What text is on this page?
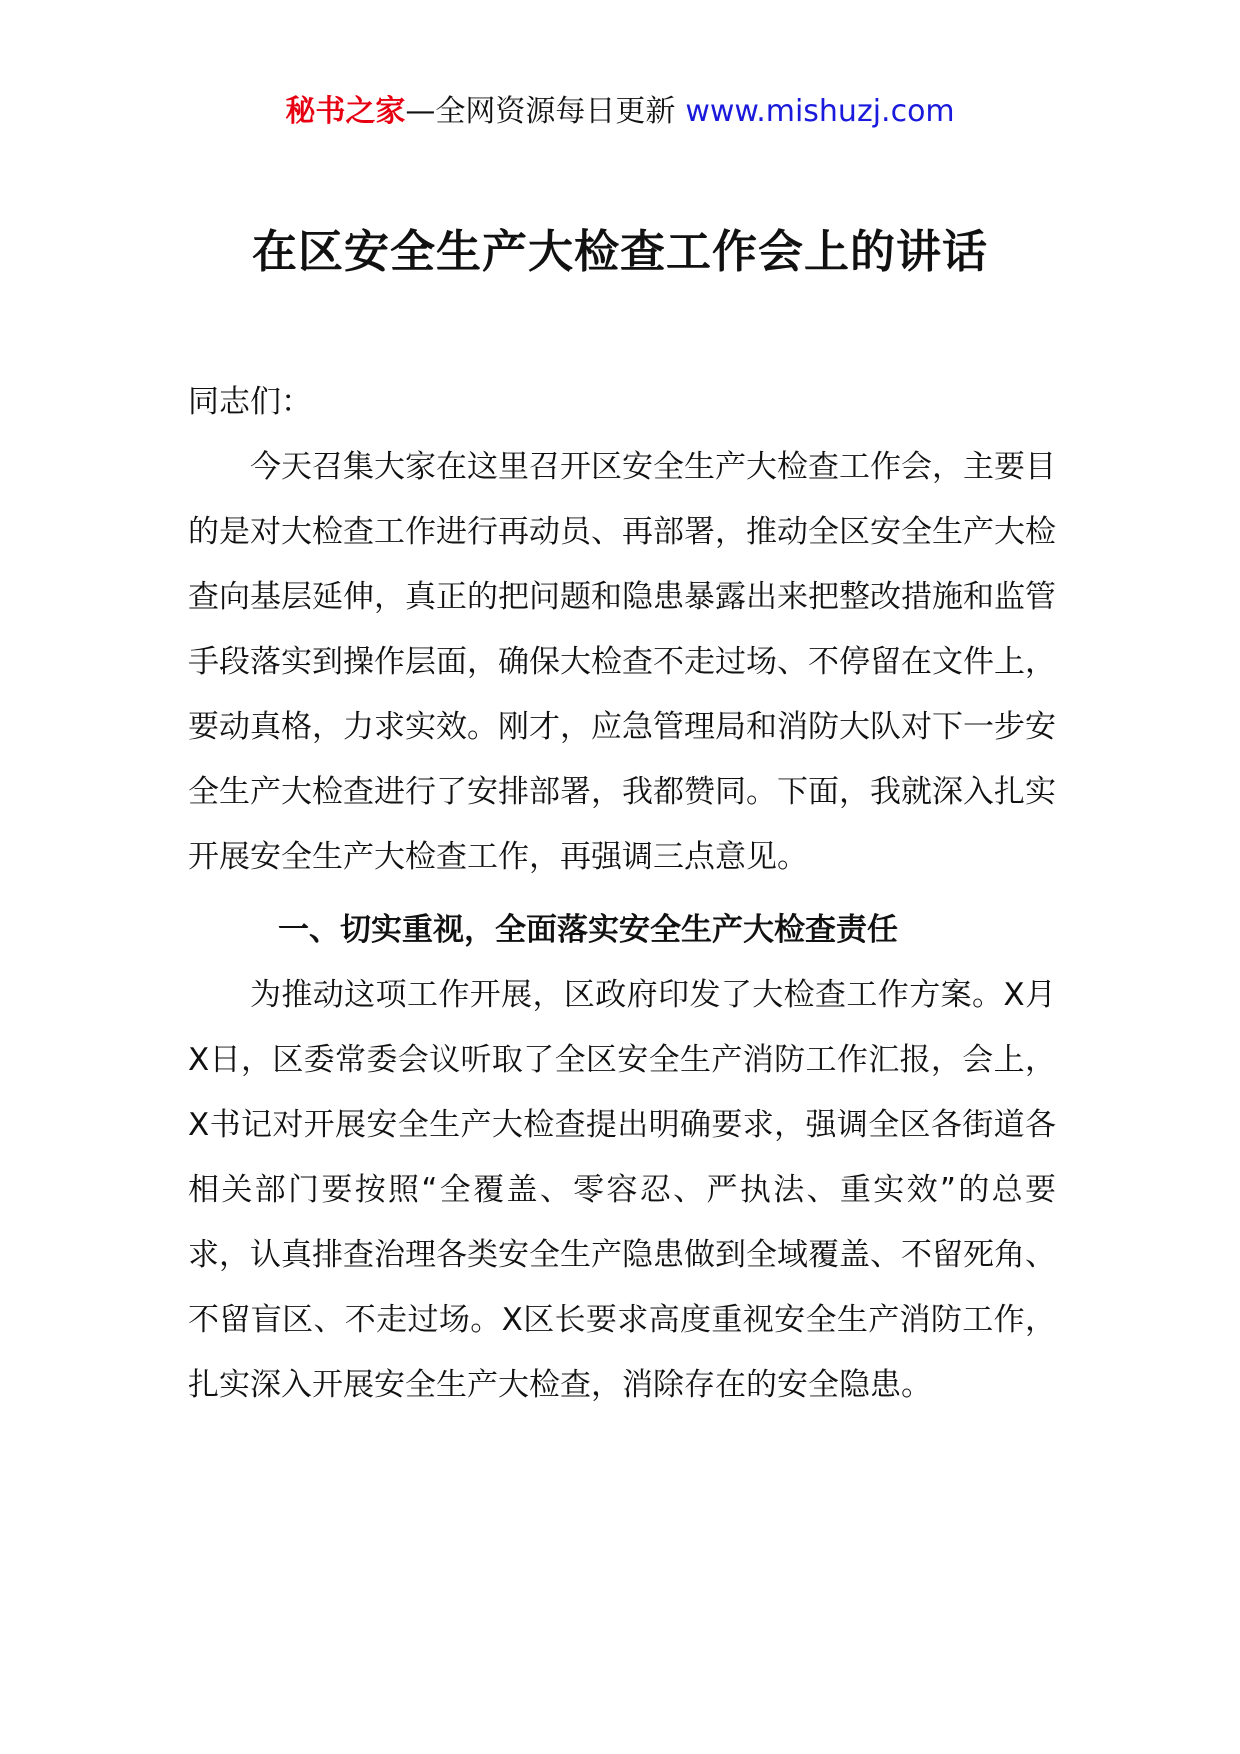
秘书之家—全网资源每日更新 www.mishuzj.com
在区安全生产大检查工作会上的讲话

同志们：

今天召集大家在这里召开区安全生产大检查工作会，主要目的是对大检查工作进行再动员、再部署，推动全区安全生产大检查向基层延伸，真正的把问题和隐患暴露出来把整改措施和监管手段落实到操作层面，确保大检查不走过场、不停留在文件上，要动真格，力求实效。刚才，应急管理局和消防大队对下一步安全生产大检查进行了安排部署，我都赞同。下面，我就深入扎实开展安全生产大检查工作，再强调三点意见。

一、切实重视，全面落实安全生产大检查责任

为推动这项工作开展，区政府印发了大检查工作方案。X月X日，区委常委会议听取了全区安全生产消防工作汇报，会上，X书记对开展安全生产大检查提出明确要求，强调全区各街道各相关部门要按照“全覆盖、零容忍、严执法、重实效”的总要求，认真排查治理各类安全生产隐患做到全域覆盖、不留死角、不留盲区、不走过场。X区长要求高度重视安全生产消防工作，扎实深入开展安全生产大检查，消除存在的安全隐患。
